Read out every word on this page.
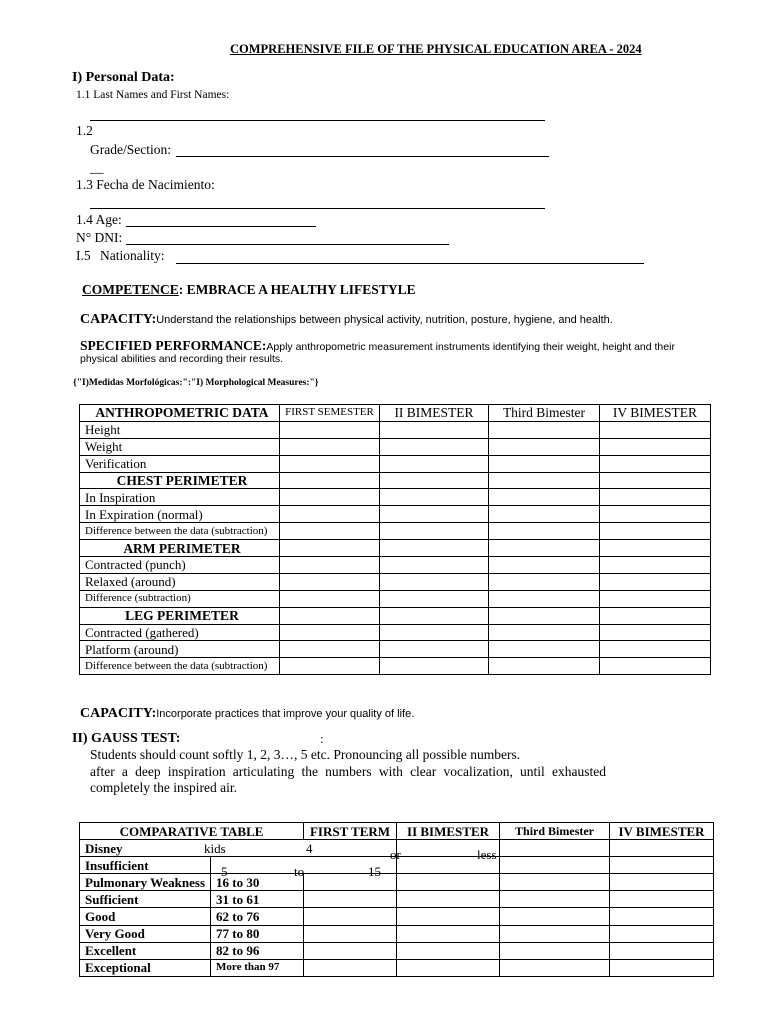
COMPREHENSIVE FILE OF THE PHYSICAL EDUCATION AREA - 2024
I) Personal Data:
1.1 Last Names and First Names:
1.2
Grade/Section:
__
1.3 Fecha de Nacimiento:
1.4 Age:
N° DNI:
I.5 Nationality:
COMPETENCE: EMBRACE A HEALTHY LIFESTYLE
CAPACITY:Understand the relationships between physical activity, nutrition, posture, hygiene, and health.
SPECIFIED PERFORMANCE:Apply anthropometric measurement instruments identifying their weight, height and their
physical abilities and recording their results.
{"I)Medidas Morfológicas:":"I) Morphological Measures:"}
ANTHROPOMETRIC DATA	FIRST SEMESTER	II BIMESTER	Third Bimester	IV BIMESTER
Height				
Weight				
Verification				
CHEST PERIMETER				
In Inspiration				
In Expiration (normal)				
Difference between the data (subtraction)				
ARM PERIMETER				
Contracted (punch)				
Relaxed (around)				
Difference (subtraction)				
LEG PERIMETER				
Contracted (gathered)				
Platform (around)				
Difference between the data (subtraction)				
CAPACITY:Incorporate practices that improve your quality of life.
II) GAUSS TEST:	:
Students should count softly 1, 2, 3…, 5 etc. Pronouncing all possible numbers.
after a deep inspiration articulating the numbers with clear vocalization, until exhausted
completely the inspired air.
COMPARATIVE TABLE		FIRST TERM	II BIMESTER	Third Bimester	IV BIMESTER
Disney kids 4			or less		

Insufficient	5 to 15				

Pulmonary Weakness	16 to 30				
Sufficient	31 to 61				
Good	62 to 76				
Very Good	77 to 80				
Excellent	82 to 96				
Exceptional	More than 97				
